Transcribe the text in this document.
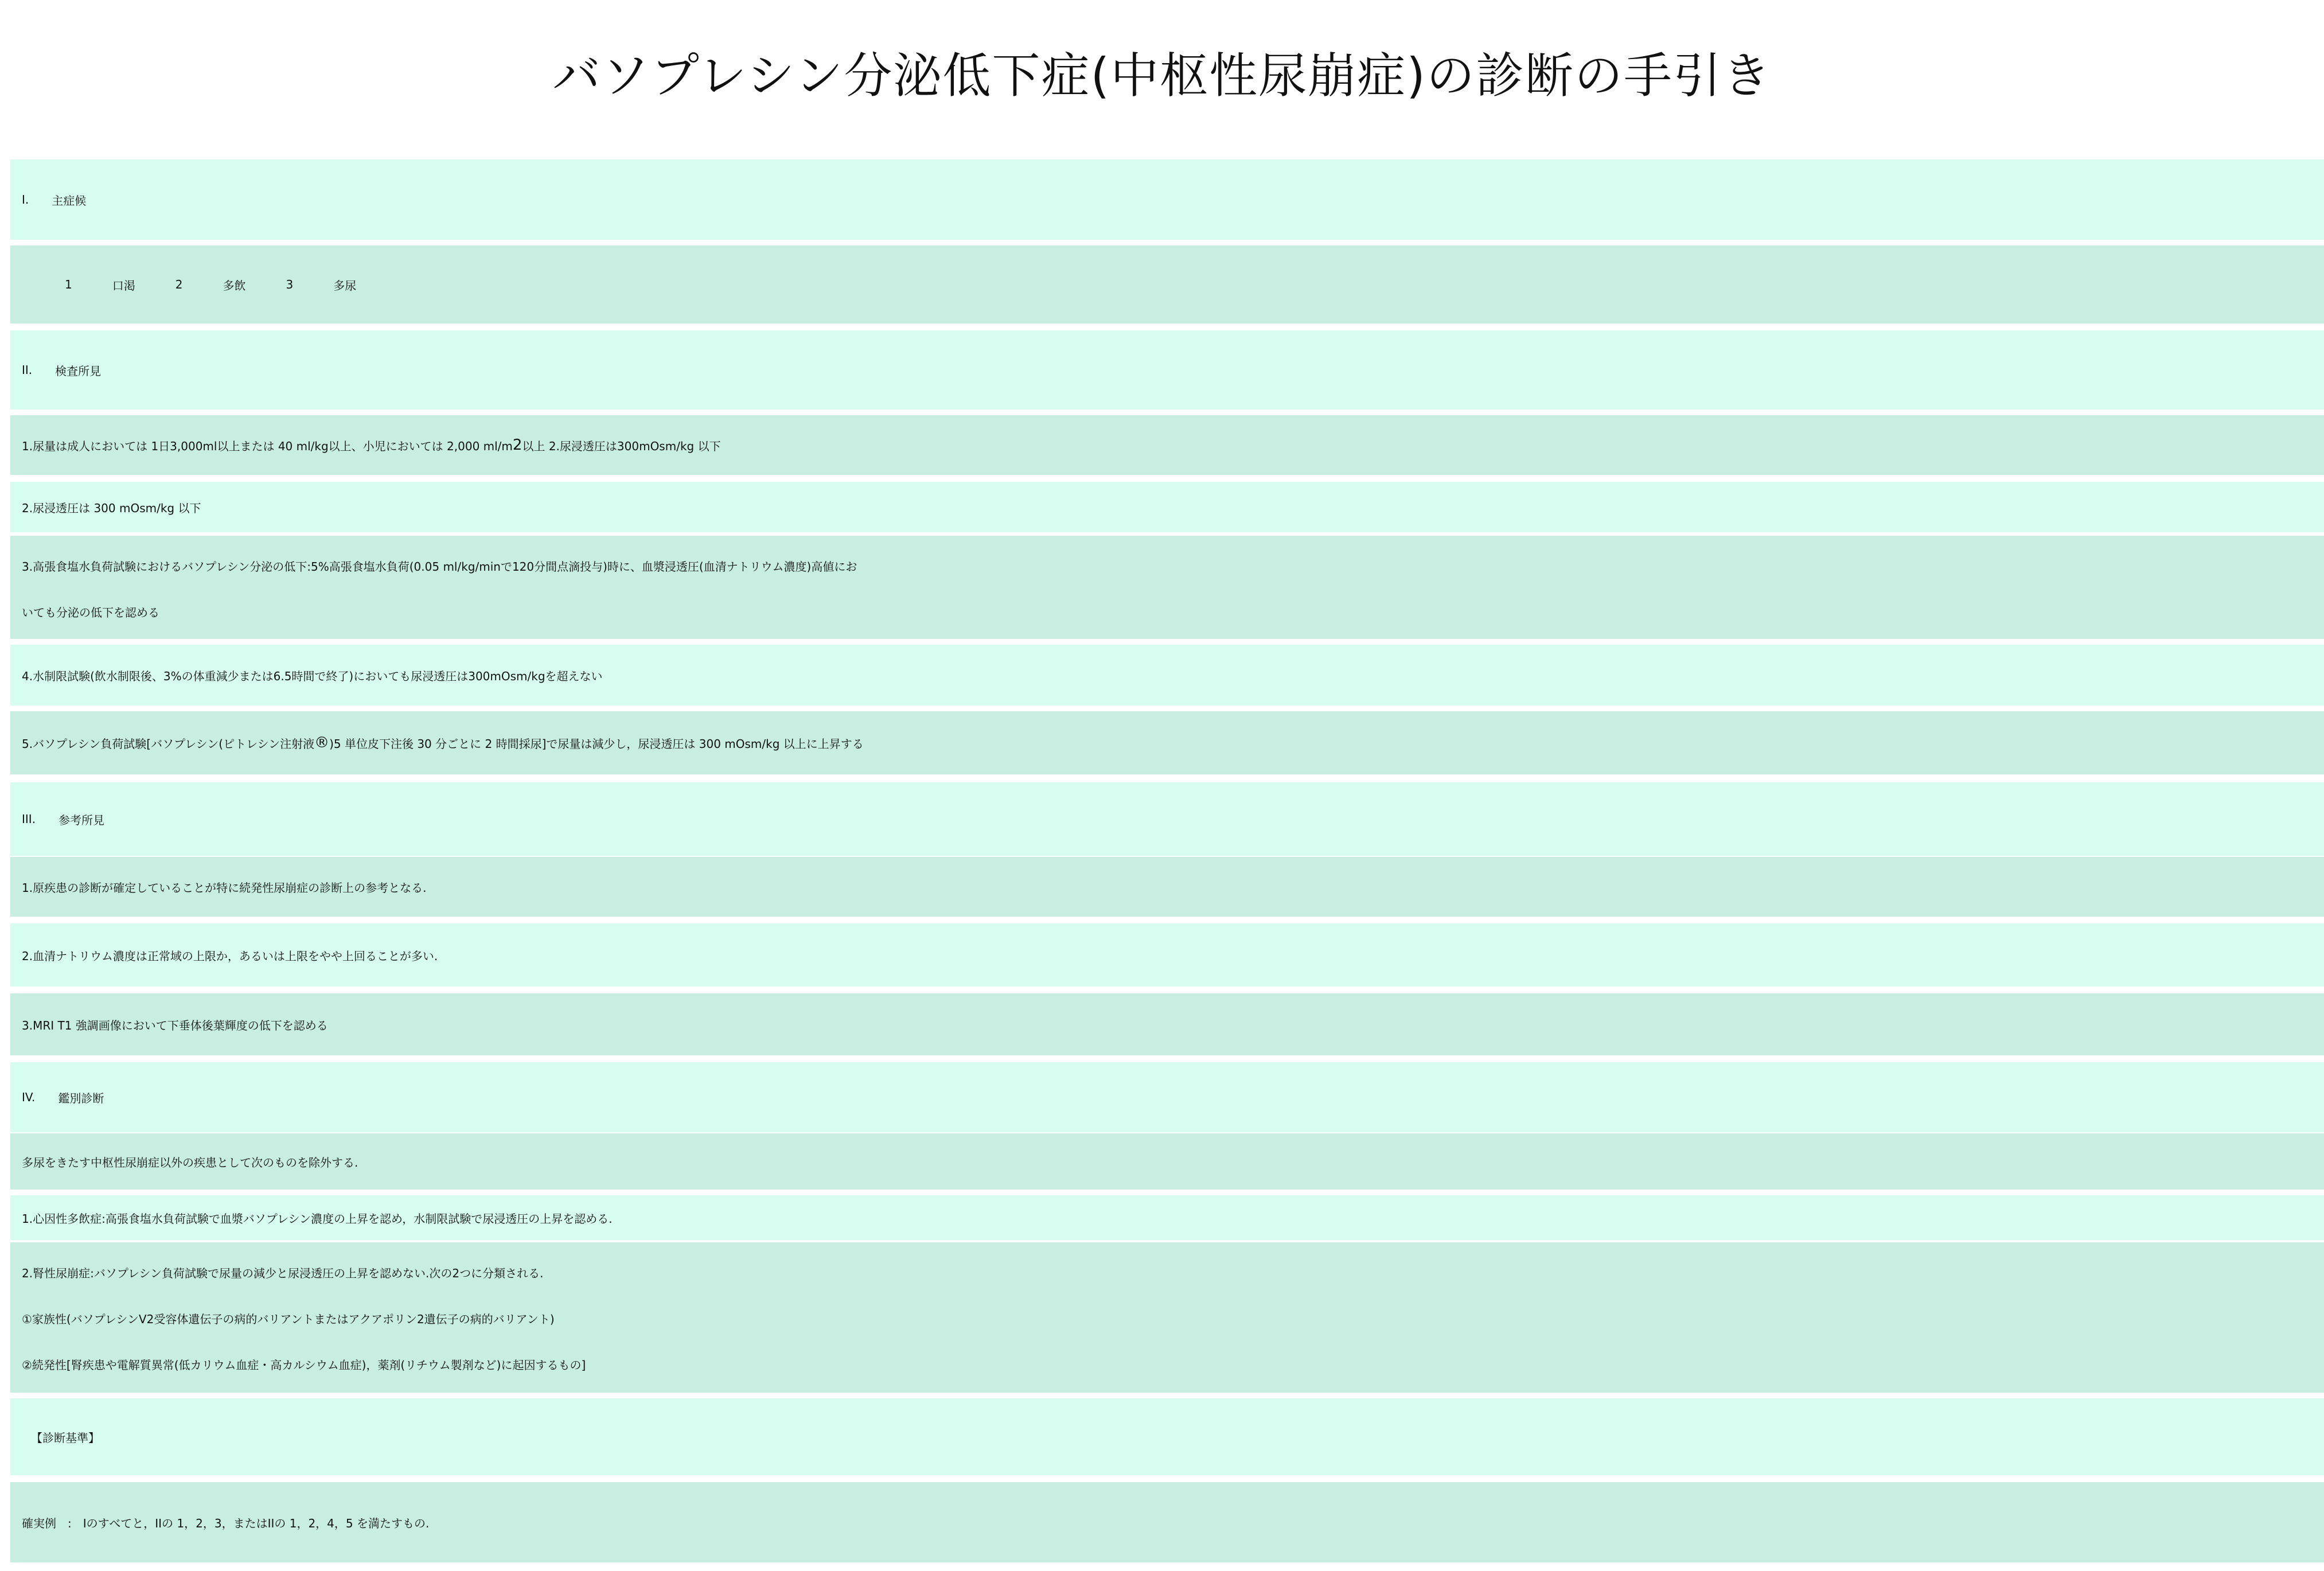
バソプレシン分泌低下症(中枢性尿崩症)の診断の手引き
I. 主症候
1	口渇	2	多飲	3	多尿
II. 検査所見
1.尿量は成人においては 1日3,000ml以上または 40 ml/kg以上、小児においては 2,000 ml/m 2 以上 2.尿浸透圧は300mOsm/kg 以下
2.尿浸透圧は 300 mOsm/kg 以下
3.高張食塩水負荷試験におけるバソプレシン分泌の低下:5%高張食塩水負荷(0.05 ml/kg/minで120分間点滴投与)時に、血漿浸透圧(血清ナトリウム濃度)高値にお
いても分泌の低下を認める
4.水制限試験(飲水制限後、3%の体重減少または6.5時間で終了)においても尿浸透圧は300mOsm/kgを超えない
5.バソプレシン負荷試験[バソプレシン(ピトレシン注射液 ® )5 単位皮下注後 30 分ごとに 2 時間採尿]で尿量は減少し，尿浸透圧は 300 mOsm/kg 以上に上昇する
III. 参考所見
1.原疾患の診断が確定していることが特に続発性尿崩症の診断上の参考となる.
2.血清ナトリウム濃度は正常域の上限か，あるいは上限をやや上回ることが多い.
3.MRI T1 強調画像において下垂体後葉輝度の低下を認める
IV. 鑑別診断
多尿をきたす中枢性尿崩症以外の疾患として次のものを除外する.
1.心因性多飲症:高張食塩水負荷試験で血漿バソプレシン濃度の上昇を認め，水制限試験で尿浸透圧の上昇を認める.
2.腎性尿崩症:バソプレシン負荷試験で尿量の減少と尿浸透圧の上昇を認めない.次の2つに分類される.
①家族性(バソプレシンV2受容体遺伝子の病的バリアントまたはアクアポリン2遺伝子の病的バリアント)
②続発性[腎疾患や電解質異常(低カリウム血症・高カルシウム血症)，薬剤(リチウム製剤など)に起因するもの]
【診断基準】
確実例　:　Iのすべてと，IIの 1，2，3，またはIIの 1，2，4，5 を満たすもの.
